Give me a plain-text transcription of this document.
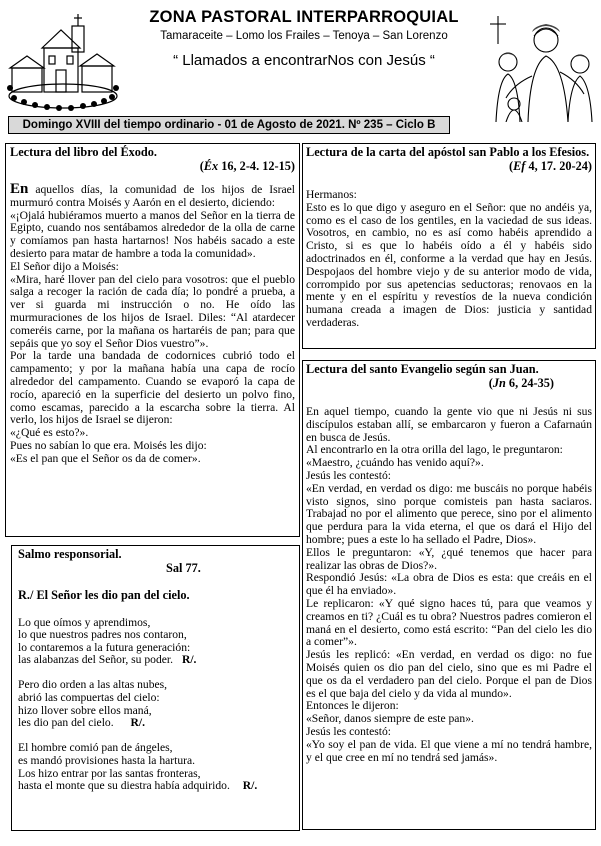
ZONA PASTORAL INTERPARROQUIAL
Tamaraceite – Lomo los Frailes – Tenoya – San Lorenzo
“ Llamados a encontrarNos con Jesús “
Domingo XVIII del tiempo ordinario - 01 de Agosto de 2021. Nº 235 – Ciclo B
Lectura del libro del Éxodo.
(Éx 16, 2-4. 12-15)

En aquellos días, la comunidad de los hijos de Israel murmuró contra Moisés y Aarón en el desierto, diciendo:

«¡Ojalá hubiéramos muerto a manos del Señor en la tierra de Egipto, cuando nos sentábamos alrededor de la olla de carne y comíamos pan hasta hartarnos! Nos habéis sacado a este desierto para matar de hambre a toda la comunidad».

El Señor dijo a Moisés:

«Mira, haré llover pan del cielo para vosotros: que el pueblo salga a recoger la ración de cada día; lo pondré a prueba, a ver si guarda mi instrucción o no. He oído las murmuraciones de los hijos de Israel. Diles: “Al atardecer comeréis carne, por la mañana os hartaréis de pan; para que sepáis que yo soy el Señor Dios vuestro”».

Por la tarde una bandada de codornices cubrió todo el campamento; y por la mañana había una capa de rocío alrededor del campamento. Cuando se evaporó la capa de rocío, apareció en la superficie del desierto un polvo fino, como escamas, parecido a la escarcha sobre la tierra. Al verlo, los hijos de Israel se dijeron:

«¿Qué es esto?».

Pues no sabían lo que era. Moisés les dijo:

«Es el pan que el Señor os da de comer».

Lectura de la carta del apóstol san Pablo a los Efesios.
(Ef 4, 17. 20-24)

Hermanos:

Esto es lo que digo y aseguro en el Señor: que no andéis ya, como es el caso de los gentiles, en la vaciedad de sus ideas. Vosotros, en cambio, no es así como habéis aprendido a Cristo, si es que lo habéis oído a él y habéis sido adoctrinados en él, conforme a la verdad que hay en Jesús. Despojaos del hombre viejo y de su anterior modo de vida, corrompido por sus apetencias seductoras; renovaos en la mente y en el espíritu y revestíos de la nueva condición humana creada a imagen de Dios: justicia y santidad verdaderas.

Salmo responsorial.
Sal 77.
R./ El Señor les dio pan del cielo.
Lo que oímos y aprendimos,
lo que nuestros padres nos contaron,
lo contaremos a la futura generación:
las alabanzas del Señor, su poder. R/.
Pero dio orden a las altas nubes,
abrió las compuertas del cielo:
hizo llover sobre ellos maná,
les dio pan del cielo. R/.
El hombre comió pan de ángeles,
es mandó provisiones hasta la hartura.
Los hizo entrar por las santas fronteras,
hasta el monte que su diestra había adquirido. R/.
Lectura del santo Evangelio según san Juan.
(Jn 6, 24-35)

En aquel tiempo, cuando la gente vio que ni Jesús ni sus discípulos estaban allí, se embarcaron y fueron a Cafarnaún en busca de Jesús.

Al encontrarlo en la otra orilla del lago, le preguntaron:

«Maestro, ¿cuándo has venido aquí?».

Jesús les contestó:

«En verdad, en verdad os digo: me buscáis no porque habéis visto signos, sino porque comisteis pan hasta saciaros. Trabajad no por el alimento que perece, sino por el alimento que perdura para la vida eterna, el que os dará el Hijo del hombre; pues a este lo ha sellado el Padre, Dios».

Ellos le preguntaron: «Y, ¿qué tenemos que hacer para realizar las obras de Dios?».

Respondió Jesús: «La obra de Dios es esta: que creáis en el que él ha enviado».

Le replicaron: «Y qué signo haces tú, para que veamos y creamos en ti? ¿Cuál es tu obra? Nuestros padres comieron el maná en el desierto, como está escrito: “Pan del cielo les dio a comer”».

Jesús les replicó: «En verdad, en verdad os digo: no fue Moisés quien os dio pan del cielo, sino que es mi Padre el que os da el verdadero pan del cielo. Porque el pan de Dios es el que baja del cielo y da vida al mundo».

Entonces le dijeron:

«Señor, danos siempre de este pan».

Jesús les contestó:

«Yo soy el pan de vida. El que viene a mí no tendrá hambre, y el que cree en mí no tendrá sed jamás».
